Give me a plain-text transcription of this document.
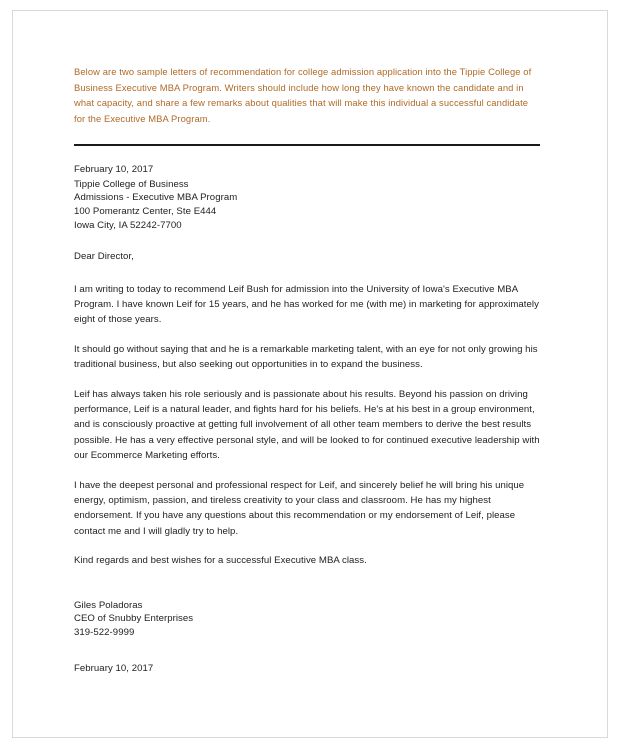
Below are two sample letters of recommendation for college admission application into the Tippie College of Business Executive MBA Program. Writers should include how long they have known the candidate and in what capacity, and share a few remarks about qualities that will make this individual a successful candidate for the Executive MBA Program.

February 10, 2017

Tippie College of Business

Admissions - Executive MBA Program

100 Pomerantz Center, Ste E444

Iowa City, IA 52242-7700

Dear Director,

I am writing to today to recommend Leif Bush for admission into the University of Iowa's Executive MBA Program. I have known Leif for 15 years, and he has worked for me (with me) in marketing for approximately eight of those years.

It should go without saying that and he is a remarkable marketing talent, with an eye for not only growing his traditional business, but also seeking out opportunities in to expand the business.

Leif has always taken his role seriously and is passionate about his results. Beyond his passion on driving performance, Leif is a natural leader, and fights hard for his beliefs. He's at his best in a group environment, and is consciously proactive at getting full involvement of all other team members to derive the best results possible. He has a very effective personal style, and will be looked to for continued executive leadership with our Ecommerce Marketing efforts.

I have the deepest personal and professional respect for Leif, and sincerely belief he will bring his unique energy, optimism, passion, and tireless creativity to your class and classroom. He has my highest endorsement. If you have any questions about this recommendation or my endorsement of Leif, please contact me and I will gladly try to help.

Kind regards and best wishes for a successful Executive MBA class.

Giles Poladoras

CEO of Snubby Enterprises

319-522-9999

February 10, 2017
